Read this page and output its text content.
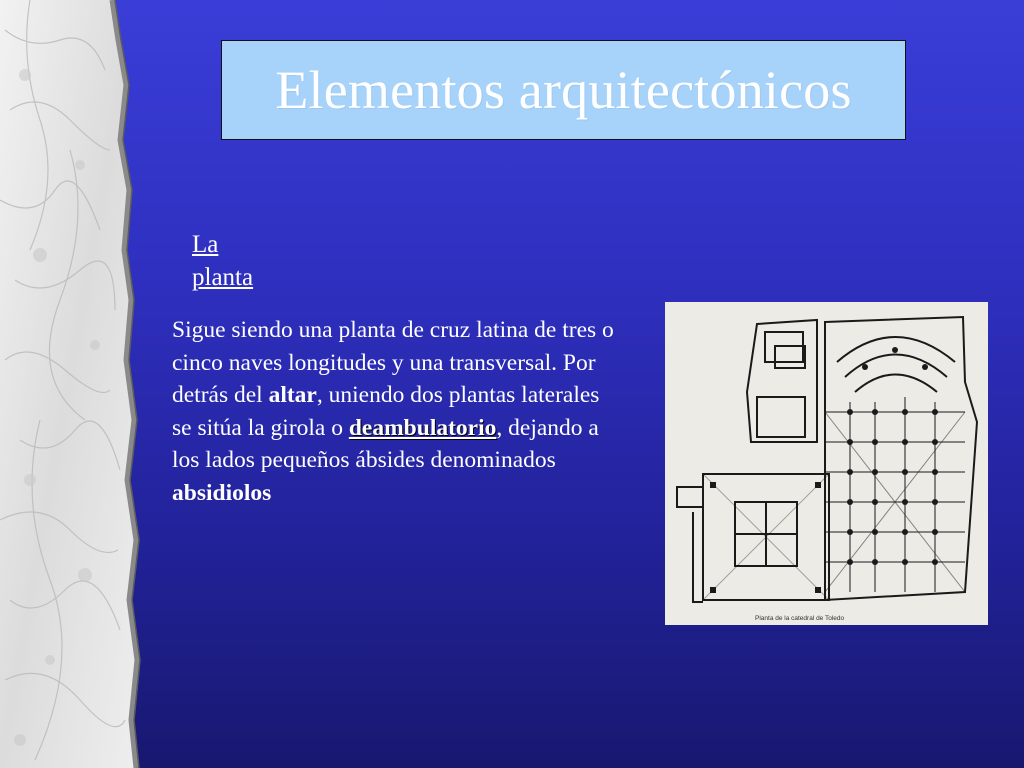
Elementos arquitectónicos
La
planta
Sigue siendo una planta de cruz latina de tres o cinco naves longitudes y una transversal. Por detrás del altar, uniendo dos plantas laterales se sitúa la girola o deambulatorio, dejando a los lados pequeños ábsides denominados absidiolos
Planta de la catedral de Toledo
